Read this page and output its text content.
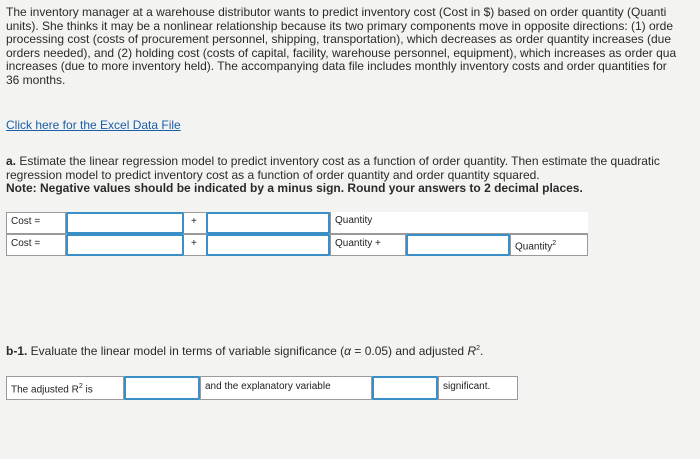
The inventory manager at a warehouse distributor wants to predict inventory cost (Cost in $) based on order quantity (Quanti

units). She thinks it may be a nonlinear relationship because its two primary components move in opposite directions: (1) orde

processing cost (costs of procurement personnel, shipping, transportation), which decreases as order quantity increases (due

orders needed), and (2) holding cost (costs of capital, facility, warehouse personnel, equipment), which increases as order qua

increases (due to more inventory held). The accompanying data file includes monthly inventory costs and order quantities for

36 months.

Click here for the Excel Data File

a. Estimate the linear regression model to predict inventory cost as a function of order quantity. Then estimate the quadratic

regression model to predict inventory cost as a function of order quantity and order quantity squared.

Note: Negative values should be indicated by a minus sign. Round your answers to 2 decimal places.

Cost =	+	Quantity
Cost =	+	Quantity +	Quantity$^2$
b-1. Evaluate the linear model in terms of variable significance (α = 0.05) and adjusted $R^2$.
The adjusted $R^2$ is	and the explanatory variable	significant.
